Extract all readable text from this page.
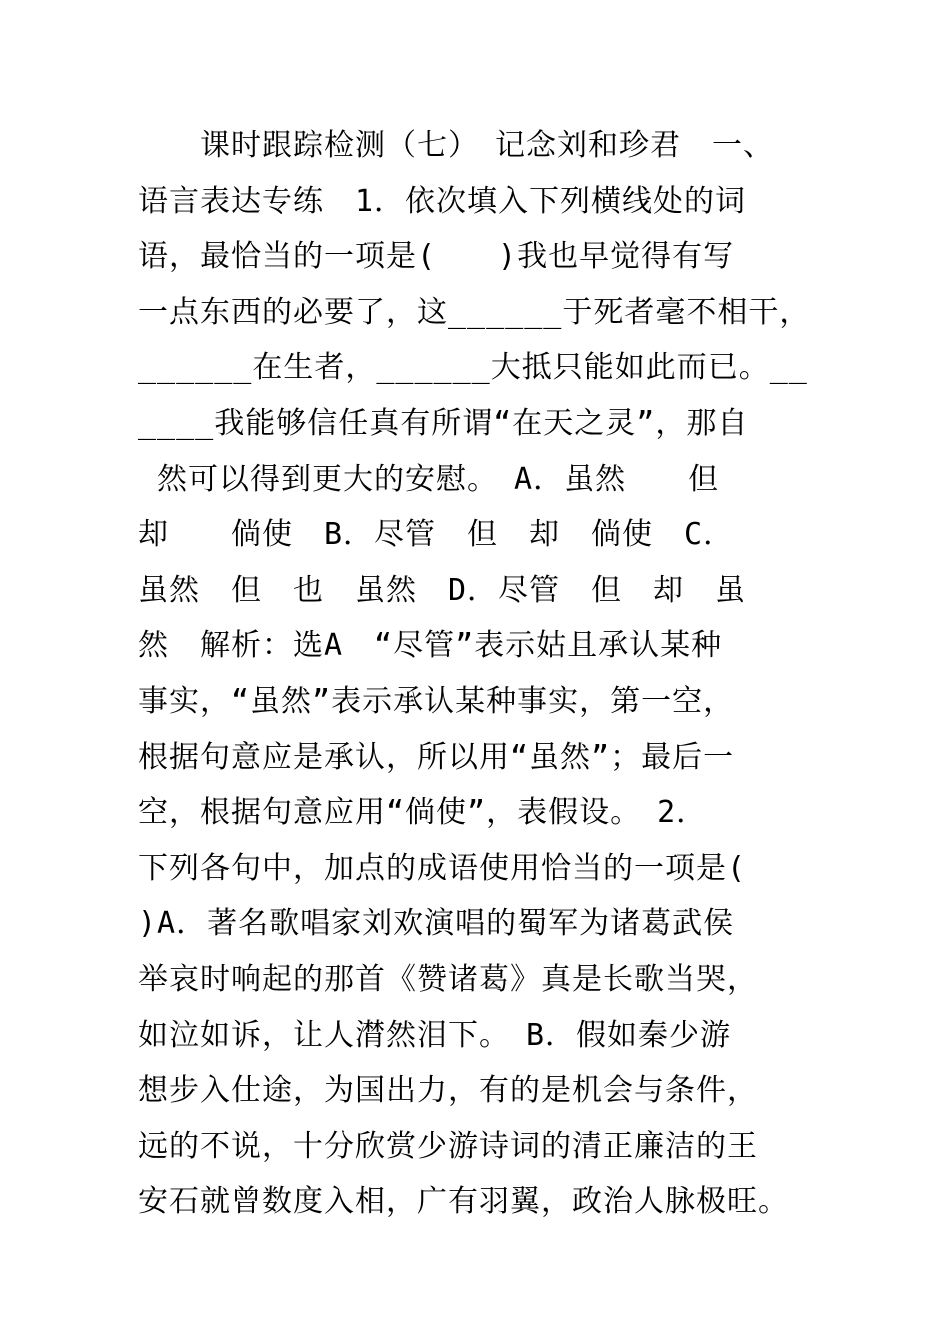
　　课时跟踪检测（七）　记念刘和珍君　一、
语言表达专练　1．依次填入下列横线处的词
语，最恰当的一项是(　　)我也早觉得有写
一点东西的必要了，这______于死者毫不相干，
______在生者，______大抵只能如此而已。__
____我能够信任真有所谓“在天之灵”，那自
然可以得到更大的安慰。　A．虽然　　但
却　　倘使　B．尽管　但　却　倘使　C．
虽然　但　也　虽然　D．尽管　但　却　虽
然　解析：选A　“尽管”表示姑且承认某种
事实，“虽然”表示承认某种事实，第一空，
根据句意应是承认，所以用“虽然”；最后一
空，根据句意应用“倘使”，表假设。　2．
下列各句中，加点的成语使用恰当的一项是(
)A．著名歌唱家刘欢演唱的蜀军为诸葛武侯
举哀时响起的那首《赞诸葛》真是长歌当哭，
如泣如诉，让人潸然泪下。　B．假如秦少游
想步入仕途，为国出力，有的是机会与条件，
远的不说，十分欣赏少游诗词的清正廉洁的王
安石就曾数度入相，广有羽翼，政治人脉极旺。
